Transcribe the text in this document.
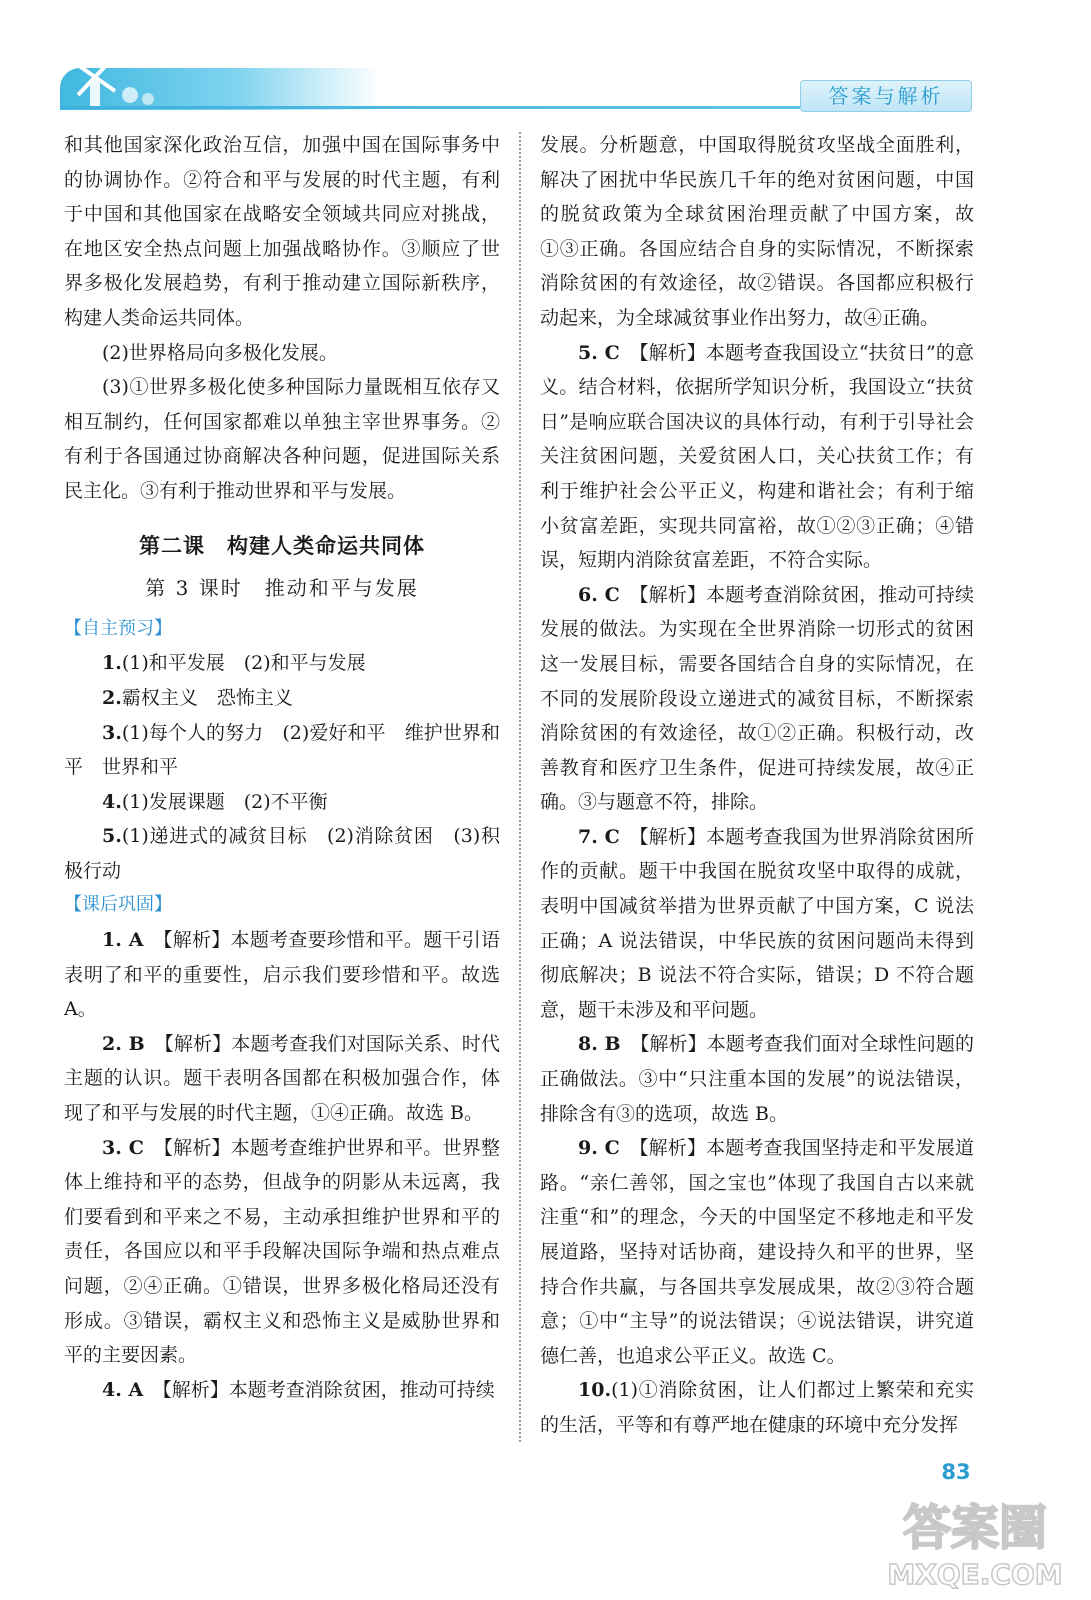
答案与解析

和其他国家深化政治互信，加强中国在国际事务中的协调协作。②符合和平与发展的时代主题，有利于中国和其他国家在战略安全领域共同应对挑战，在地区安全热点问题上加强战略协作。③顺应了世界多极化发展趋势，有利于推动建立国际新秩序，构建人类命运共同体。

(2)世界格局向多极化发展。

(3)①世界多极化使多种国际力量既相互依存又相互制约，任何国家都难以单独主宰世界事务。②有利于各国通过协商解决各种问题，促进国际关系民主化。③有利于推动世界和平与发展。

第二课　构建人类命运共同体
第 3 课时　推动和平与发展
【自主预习】

1.(1)和平发展　(2)和平与发展

2.霸权主义　恐怖主义

3.(1)每个人的努力　(2)爱好和平　维护世界和平　世界和平

4.(1)发展课题　(2)不平衡

5.(1)递进式的减贫目标　(2)消除贫困　(3)积极行动

【课后巩固】

1. A　 【解析】本题考查要珍惜和平。题干引语表明了和平的重要性，启示我们要珍惜和平。故选 A。

2. B　 【解析】本题考查我们对国际关系、时代主题的认识。题干表明各国都在积极加强合作，体现了和平与发展的时代主题，①④正确。故选 B。

3. C　 【解析】本题考查维护世界和平。世界整体上维持和平的态势，但战争的阴影从未远离，我们要看到和平来之不易，主动承担维护世界和平的责任，各国应以和平手段解决国际争端和热点难点问题，②④正确。①错误，世界多极化格局还没有形成。③错误，霸权主义和恐怖主义是威胁世界和平的主要因素。

4. A　 【解析】本题考查消除贫困，推动可持续

发展。分析题意，中国取得脱贫攻坚战全面胜利，解决了困扰中华民族几千年的绝对贫困问题，中国的脱贫政策为全球贫困治理贡献了中国方案，故①③正确。各国应结合自身的实际情况，不断探索消除贫困的有效途径，故②错误。各国都应积极行动起来，为全球减贫事业作出努力，故④正确。

5. C　 【解析】本题考查我国设立“扶贫日”的意义。结合材料，依据所学知识分析，我国设立“扶贫日”是响应联合国决议的具体行动，有利于引导社会关注贫困问题，关爱贫困人口，关心扶贫工作；有利于维护社会公平正义，构建和谐社会；有利于缩小贫富差距，实现共同富裕，故①②③正确；④错误，短期内消除贫富差距，不符合实际。

6. C　 【解析】本题考查消除贫困，推动可持续发展的做法。为实现在全世界消除一切形式的贫困这一发展目标，需要各国结合自身的实际情况，在不同的发展阶段设立递进式的减贫目标，不断探索消除贫困的有效途径，故①②正确。积极行动，改善教育和医疗卫生条件，促进可持续发展，故④正确。③与题意不符，排除。

7. C　 【解析】本题考查我国为世界消除贫困所作的贡献。题干中我国在脱贫攻坚中取得的成就，表明中国减贫举措为世界贡献了中国方案，C 说法正确；A 说法错误，中华民族的贫困问题尚未得到彻底解决；B 说法不符合实际，错误；D 不符合题意，题干未涉及和平问题。

8. B　 【解析】本题考查我们面对全球性问题的正确做法。③中“只注重本国的发展”的说法错误，排除含有③的选项，故选 B。

9. C　 【解析】本题考查我国坚持走和平发展道路。“亲仁善邻，国之宝也”体现了我国自古以来就注重“和”的理念，今天的中国坚定不移地走和平发展道路，坚持对话协商，建设持久和平的世界，坚持合作共赢，与各国共享发展成果，故②③符合题意；①中“主导”的说法错误；④说法错误，讲究道德仁善，也追求公平正义。故选 C。

10.(1)①消除贫困，让人们都过上繁荣和充实的生活，平等和有尊严地在健康的环境中充分发挥

83
答案圈
MXQE.COM
